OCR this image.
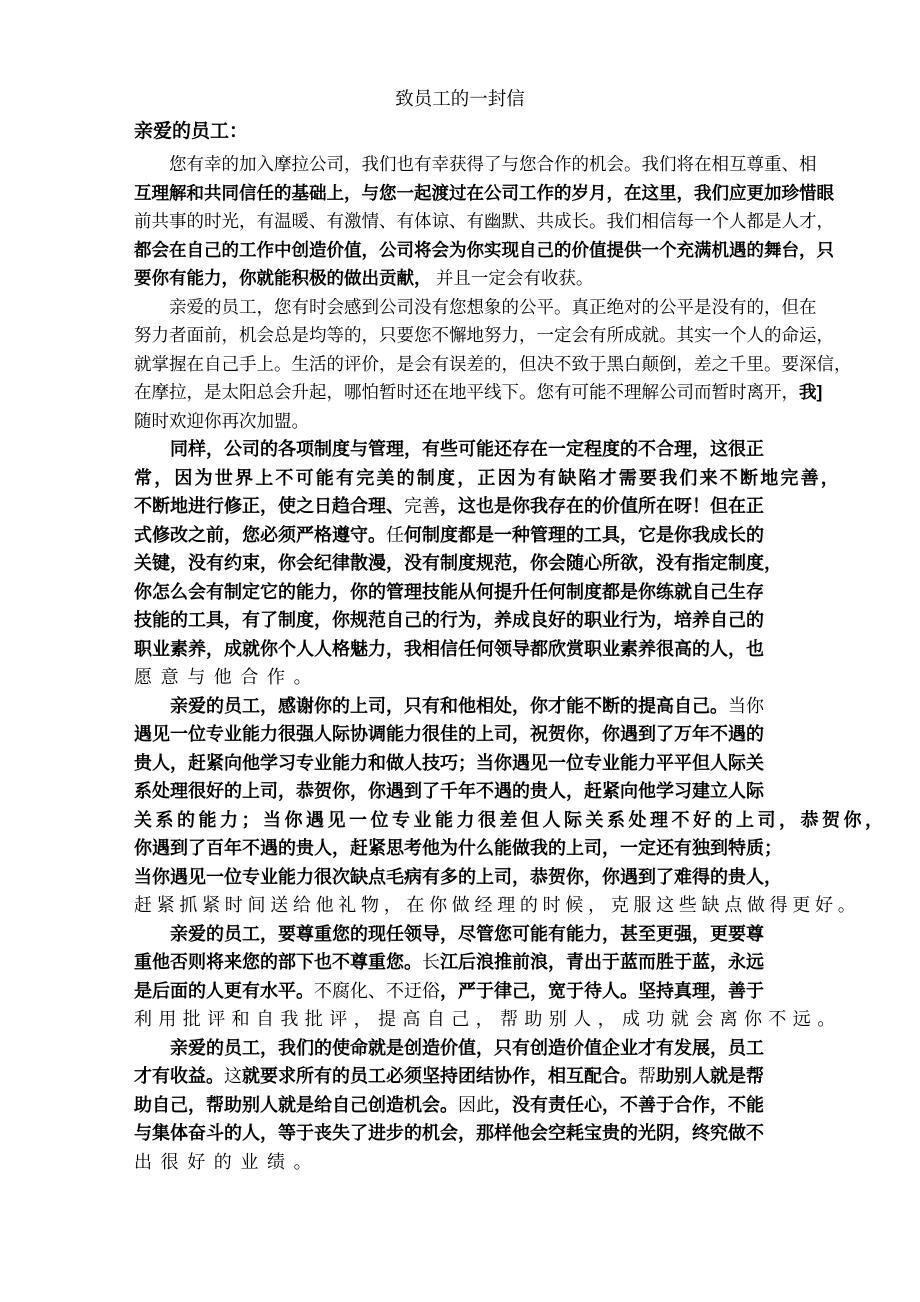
致员工的一封信
亲爱的员工：
您有幸的加入摩拉公司，我们也有幸获得了与您合作的机会。我们将在相互尊重、相
互理解和共同信任的基础上，与您一起渡过在公司工作的岁月，在这里，我们应更加珍惜眼
前共事的时光，有温暖、有激情、有体谅、有幽默、共成长。我们相信每一个人都是人才，
都会在自己的工作中创造价值，公司将会为你实现自己的价值提供一个充满机遇的舞台，只
要你有能力，你就能积极的做出贡献， 并且一定会有收获。
亲爱的员工，您有时会感到公司没有您想象的公平。真正绝对的公平是没有的，但在
努力者面前，机会总是均等的，只要您不懈地努力，一定会有所成就。其实一个人的命运，
就掌握在自己手上。生活的评价，是会有误差的，但决不致于黑白颠倒，差之千里。要深信，
在摩拉，是太阳总会升起，哪怕暂时还在地平线下。您有可能不理解公司而暂时离开，我]
随时欢迎你再次加盟。
同样，公司的各项制度与管理，有些可能还存在一定程度的不合理，这很正
常，因为世界上不可能有完美的制度，正因为有缺陷才需要我们来不断地完善，
不断地进行修正，使之日趋合理、完善，这也是你我存在的价值所在呀！但在正
式修改之前，您必须严格遵守。任何制度都是一种管理的工具，它是你我成长的
关键，没有约束，你会纪律散漫，没有制度规范，你会随心所欲，没有指定制度，
你怎么会有制定它的能力，你的管理技能从何提升任何制度都是你练就自己生存
技能的工具，有了制度，你规范自己的行为，养成良好的职业行为，培养自己的
职业素养，成就你个人人格魅力，我相信任何领导都欣赏职业素养很高的人，也
愿意与他合作。
亲爱的员工，感谢你的上司，只有和他相处，你才能不断的提高自己。当你
遇见一位专业能力很强人际协调能力很佳的上司，祝贺你，你遇到了万年不遇的
贵人，赶紧向他学习专业能力和做人技巧；当你遇见一位专业能力平平但人际关
系处理很好的上司，恭贺你，你遇到了千年不遇的贵人，赶紧向他学习建立人际
关系的能力；当你遇见一位专业能力很差但人际关系处理不好的上司，恭贺你，
你遇到了百年不遇的贵人，赶紧思考他为什么能做我的上司，一定还有独到特质；
当你遇见一位专业能力很次缺点毛病有多的上司，恭贺你，你遇到了难得的贵人，
赶紧抓紧时间送给他礼物，在你做经理的时候，克服这些缺点做得更好。
亲爱的员工，要尊重您的现任领导，尽管您可能有能力，甚至更强，更要尊
重他否则将来您的部下也不尊重您。长江后浪推前浪，青出于蓝而胜于蓝，永远
是后面的人更有水平。不腐化、不迂俗，严于律己，宽于待人。坚持真理，善于
利用批评和自我批评，提高自己，帮助别人，成功就会离你不远。
亲爱的员工，我们的使命就是创造价值，只有创造价值企业才有发展，员工
才有收益。这就要求所有的员工必须坚持团结协作，相互配合。帮助别人就是帮
助自己，帮助别人就是给自己创造机会。因此，没有责任心，不善于合作，不能
与集体奋斗的人，等于丧失了进步的机会，那样他会空耗宝贵的光阴，终究做不
出很好的业绩。
